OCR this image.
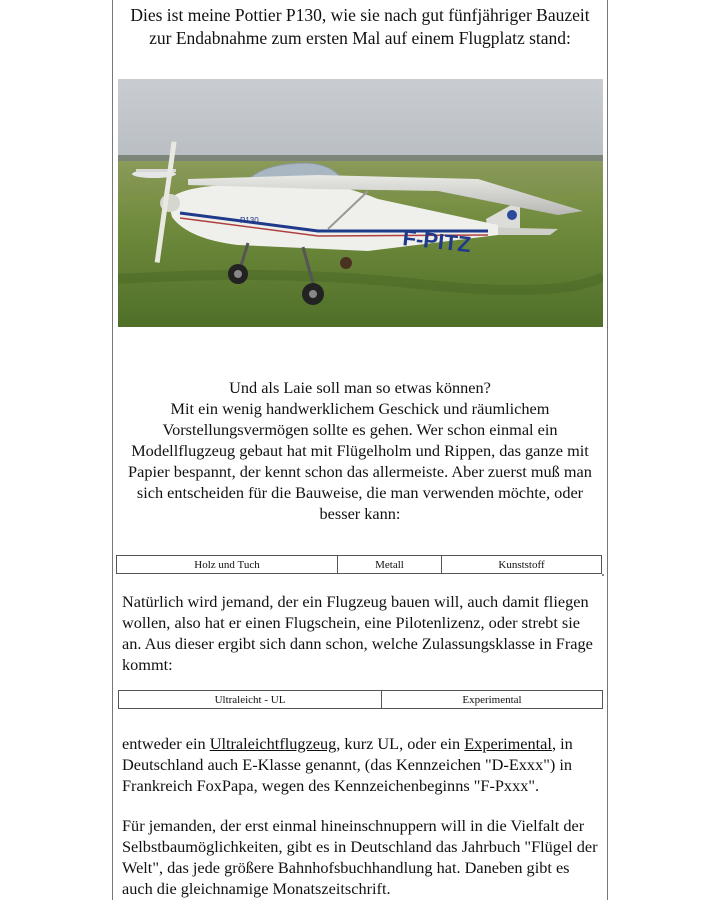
Dies ist meine Pottier P130, wie sie nach gut fünfjähriger Bauzeit
zur Endabnahme zum ersten Mal auf einem Flugplatz stand:
F-PITZ
P130
Und als Laie soll man so etwas können?
Mit ein wenig handwerklichem Geschick und räumlichem
Vorstellungsvermögen sollte es gehen. Wer schon einmal ein
Modellflugzeug gebaut hat mit Flügelholm und Rippen, das ganze mit
Papier bespannt, der kennt schon das allermeiste. Aber zuerst muß man
sich entscheiden für die Bauweise, die man verwenden möchte, oder
besser kann:
Holz und Tuch	Metall	Kunststoff
Natürlich wird jemand, der ein Flugzeug bauen will, auch damit fliegen wollen, also hat er einen Flugschein, eine Pilotenlizenz, oder strebt sie an. Aus dieser ergibt sich dann schon, welche Zulassungsklasse in Frage kommt:
Ultraleicht - UL	Experimental
entweder ein Ultraleichtflugzeug, kurz UL, oder ein Experimental, in Deutschland auch E-Klasse genannt, (das Kennzeichen "D-Exxx") in Frankreich FoxPapa, wegen des Kennzeichenbeginns "F-Pxxx".
Für jemanden, der erst einmal hineinschnuppern will in die Vielfalt der Selbstbaumöglichkeiten, gibt es in Deutschland das Jahrbuch "Flügel der Welt", das jede größere Bahnhofsbuchhandlung hat. Daneben gibt es auch die gleichnamige Monatszeitschrift.
